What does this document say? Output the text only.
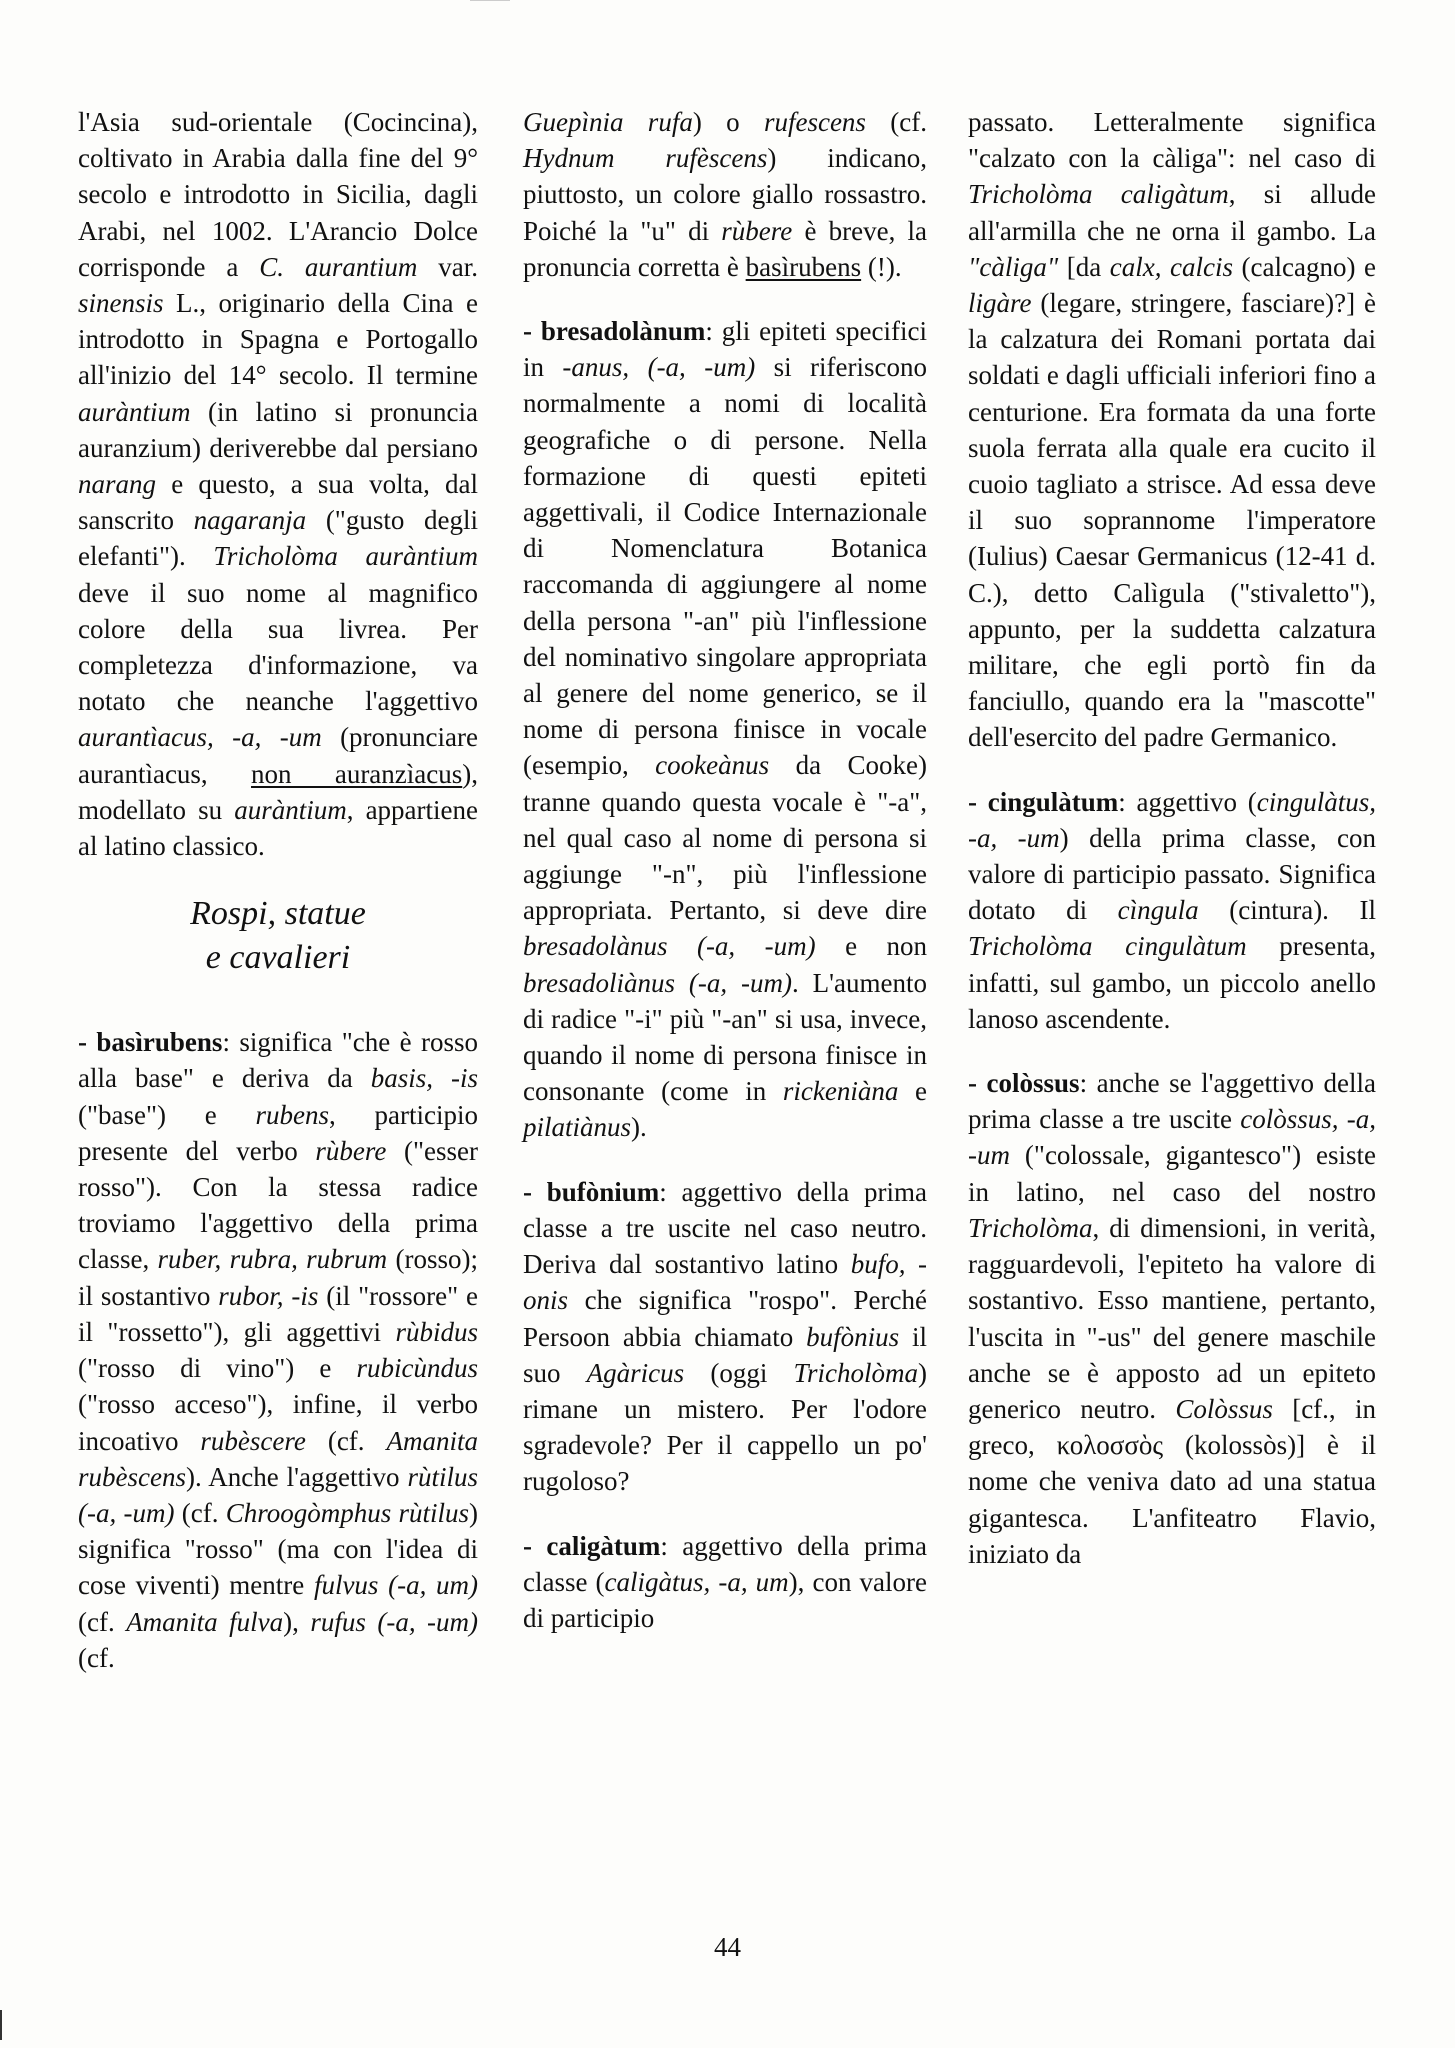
l'Asia sud-orientale (Cocincina), coltivato in Arabia dalla fine del 9° secolo e introdotto in Sicilia, dagli Arabi, nel 1002. L'Arancio Dolce corrisponde a C. aurantium var. sinensis L., originario della Cina e introdotto in Spagna e Portogallo all'inizio del 14° secolo. Il termine auràntium (in latino si pronuncia auranzium) deriverebbe dal persiano narang e questo, a sua volta, dal sanscrito nagaranja ("gusto degli elefanti"). Tricholòma auràntium deve il suo nome al magnifico colore della sua livrea. Per completezza d'informazione, va notato che neanche l'aggettivo aurantìacus, -a, -um (pronunciare aurantìacus, non auranzìacus), modellato su auràntium, appartiene al latino classico.

Rospi, statue
e cavalieri

- basìrubens: significa "che è rosso alla base" e deriva da basis, -is ("base") e rubens, participio presente del verbo rùbere ("esser rosso"). Con la stessa radice troviamo l'aggettivo della prima classe, ruber, rubra, rubrum (rosso); il sostantivo rubor, -is (il "rossore" e il "rossetto"), gli aggettivi rùbidus ("rosso di vino") e rubicùndus ("rosso acceso"), infine, il verbo incoativo rubèscere (cf. Amanita rubèscens). Anche l'aggettivo rùtilus (-a, -um) (cf. Chroogòmphus rùtilus) significa "rosso" (ma con l'idea di cose viventi) mentre fulvus (-a, um) (cf. Amanita fulva), rufus (-a, -um) (cf.

Guepìnia rufa) o rufescens (cf. Hydnum rufèscens) indicano, piuttosto, un colore giallo rossastro. Poiché la "u" di rùbere è breve, la pronuncia corretta è basìrubens (!).

- bresadolànum: gli epiteti specifici in -anus, (-a, -um) si riferiscono normalmente a nomi di località geografiche o di persone. Nella formazione di questi epiteti aggettivali, il Codice Internazionale di Nomenclatura Botanica raccomanda di aggiungere al nome della persona "-an" più l'inflessione del nominativo singolare appropriata al genere del nome generico, se il nome di persona finisce in vocale (esempio, cookeànus da Cooke) tranne quando questa vocale è "-a", nel qual caso al nome di persona si aggiunge "-n", più l'inflessione appropriata. Pertanto, si deve dire bresadolànus (-a, -um) e non bresadoliànus (-a, -um). L'aumento di radice "-i" più "-an" si usa, invece, quando il nome di persona finisce in consonante (come in rickeniàna e pilatiànus).

- bufònium: aggettivo della prima classe a tre uscite nel caso neutro. Deriva dal sostantivo latino bufo, -onis che significa "rospo". Perché Persoon abbia chiamato bufònius il suo Agàricus (oggi Tricholòma) rimane un mistero. Per l'odore sgradevole? Per il cappello un po' rugoloso?

- caligàtum: aggettivo della prima classe (caligàtus, -a, um), con valore di participio

passato. Letteralmente significa "calzato con la càliga": nel caso di Tricholòma caligàtum, si allude all'armilla che ne orna il gambo. La "càliga" [da calx, calcis (calcagno) e ligàre (legare, stringere, fasciare)?] è la calzatura dei Romani portata dai soldati e dagli ufficiali inferiori fino a centurione. Era formata da una forte suola ferrata alla quale era cucito il cuoio tagliato a strisce. Ad essa deve il suo soprannome l'imperatore (Iulius) Caesar Germanicus (12-41 d. C.), detto Calìgula ("stivaletto"), appunto, per la suddetta calzatura militare, che egli portò fin da fanciullo, quando era la "mascotte" dell'esercito del padre Germanico.

- cingulàtum: aggettivo (cingulàtus, -a, -um) della prima classe, con valore di participio passato. Significa dotato di cìngula (cintura). Il Tricholòma cingulàtum presenta, infatti, sul gambo, un piccolo anello lanoso ascendente.

- colòssus: anche se l'aggettivo della prima classe a tre uscite colòssus, -a, -um ("colossale, gigantesco") esiste in latino, nel caso del nostro Tricholòma, di dimensioni, in verità, ragguardevoli, l'epiteto ha valore di sostantivo. Esso mantiene, pertanto, l'uscita in "-us" del genere maschile anche se è apposto ad un epiteto generico neutro. Colòssus [cf., in greco, κολοσσὸς (kolossòs)] è il nome che veniva dato ad una statua gigantesca. L'anfiteatro Flavio, iniziato da

44
